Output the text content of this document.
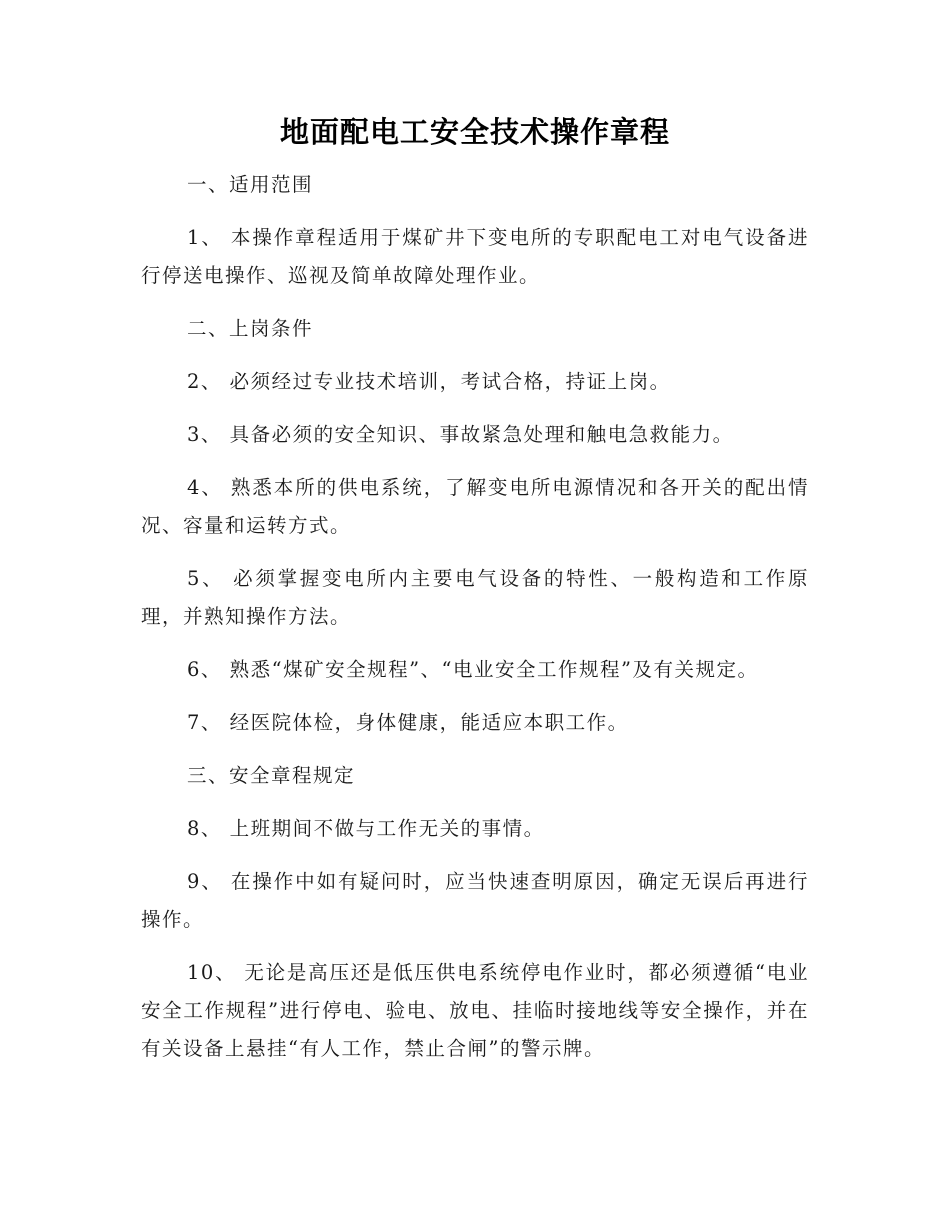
地面配电工安全技术操作章程

一、适用范围

1、 本操作章程适用于煤矿井下变电所的专职配电工对电气设备进行停送电操作、巡视及简单故障处理作业。

二、上岗条件

2、 必须经过专业技术培训，考试合格，持证上岗。

3、 具备必须的安全知识、事故紧急处理和触电急救能力。

4、 熟悉本所的供电系统，了解变电所电源情况和各开关的配出情况、容量和运转方式。

5、 必须掌握变电所内主要电气设备的特性、一般构造和工作原理，并熟知操作方法。

6、 熟悉“煤矿安全规程”、“电业安全工作规程”及有关规定。

7、 经医院体检，身体健康，能适应本职工作。

三、安全章程规定

8、 上班期间不做与工作无关的事情。

9、 在操作中如有疑问时，应当快速查明原因，确定无误后再进行操作。

10、 无论是高压还是低压供电系统停电作业时，都必须遵循“电业安全工作规程”进行停电、验电、放电、挂临时接地线等安全操作，并在有关设备上悬挂“有人工作，禁止合闸”的警示牌。
